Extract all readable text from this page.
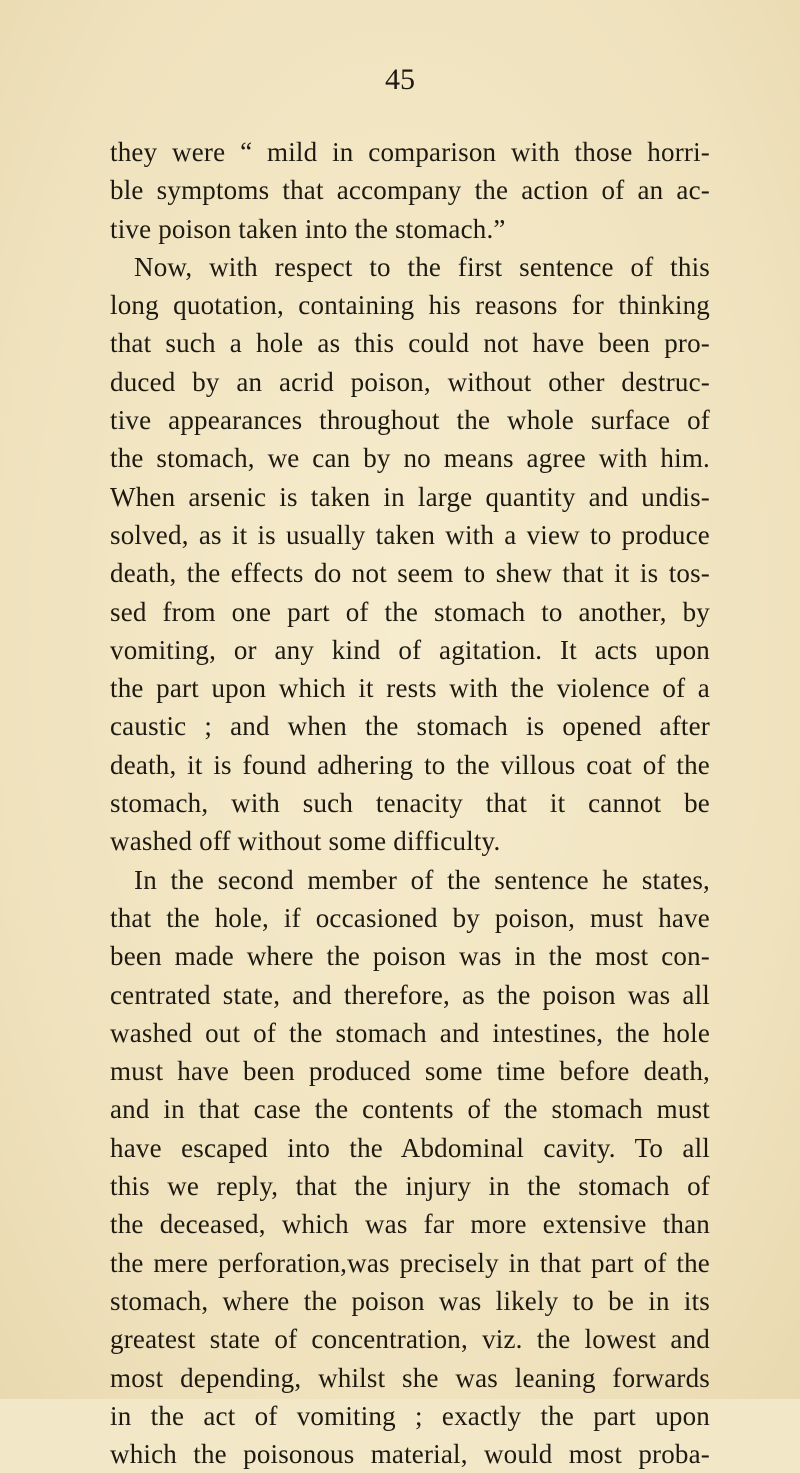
45
they were “ mild in comparison with those horri-
ble symptoms that accompany the action of an ac-
tive poison taken into the stomach.”
Now, with respect to the first sentence of this
long quotation, containing his reasons for thinking
that such a hole as this could not have been pro-
duced by an acrid poison, without other destruc-
tive appearances throughout the whole surface of
the stomach, we can by no means agree with him.
When arsenic is taken in large quantity and undis-
solved, as it is usually taken with a view to produce
death, the effects do not seem to shew that it is tos-
sed from one part of the stomach to another, by
vomiting, or any kind of agitation. It acts upon
the part upon which it rests with the violence of a
caustic ; and when the stomach is opened after
death, it is found adhering to the villous coat of the
stomach, with such tenacity that it cannot be
washed off without some difficulty.
In the second member of the sentence he states,
that the hole, if occasioned by poison, must have
been made where the poison was in the most con-
centrated state, and therefore, as the poison was all
washed out of the stomach and intestines, the hole
must have been produced some time before death,
and in that case the contents of the stomach must
have escaped into the Abdominal cavity. To all
this we reply, that the injury in the stomach of
the deceased, which was far more extensive than
the mere perforation,was precisely in that part of the
stomach, where the poison was likely to be in its
greatest state of concentration, viz. the lowest and
most depending, whilst she was leaning forwards
in the act of vomiting ; exactly the part upon
which the poisonous material, would most proba-
